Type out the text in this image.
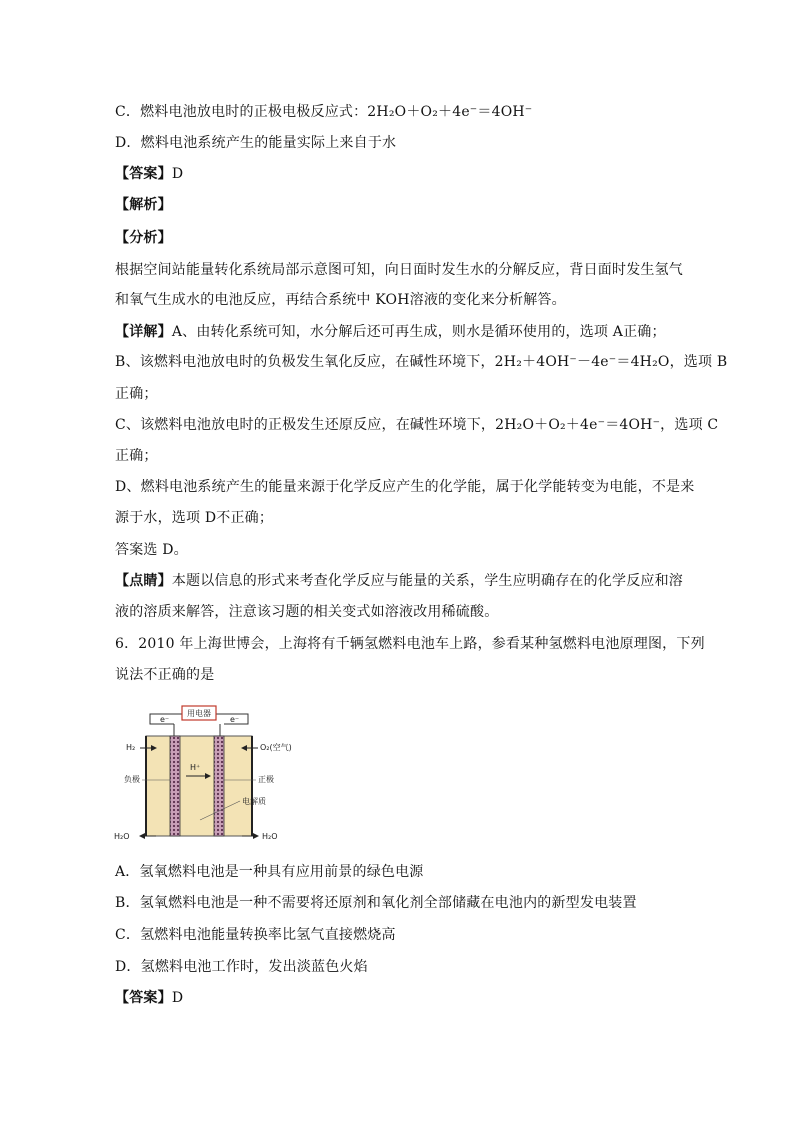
C．燃料电池放电时的正极电极反应式：2H₂O＋O₂＋4e⁻＝4OH⁻
D．燃料电池系统产生的能量实际上来自于水
【答案】D
【解析】
【分析】
根据空间站能量转化系统局部示意图可知，向日面时发生水的分解反应，背日面时发生氢气
和氧气生成水的电池反应，再结合系统中 KOH溶液的变化来分析解答。
【详解】A、由转化系统可知，水分解后还可再生成，则水是循环使用的，选项 A正确；
B、该燃料电池放电时的负极发生氧化反应，在碱性环境下，2H₂＋4OH⁻－4e⁻＝4H₂O，选项 B
正确；
C、该燃料电池放电时的正极发生还原反应，在碱性环境下，2H₂O＋O₂＋4e⁻＝4OH⁻，选项 C
正确；
D、燃料电池系统产生的能量来源于化学反应产生的化学能，属于化学能转变为电能，不是来
源于水，选项 D不正确；
答案选 D。
【点睛】本题以信息的形式来考查化学反应与能量的关系，学生应明确存在的化学反应和溶
液的溶质来解答，注意该习题的相关变式如溶液改用稀硫酸。
6．2010 年上海世博会，上海将有千辆氢燃料电池车上路，参看某种氢燃料电池原理图，下列
说法不正确的是
用电器
e⁻	e⁻
H₂	O₂(空气)
H⁺
负极	正极
电解质
H₂O	H₂O
A．氢氧燃料电池是一种具有应用前景的绿色电源
B．氢氧燃料电池是一种不需要将还原剂和氧化剂全部储藏在电池内的新型发电装置
C．氢燃料电池能量转换率比氢气直接燃烧高
D．氢燃料电池工作时，发出淡蓝色火焰
【答案】D
